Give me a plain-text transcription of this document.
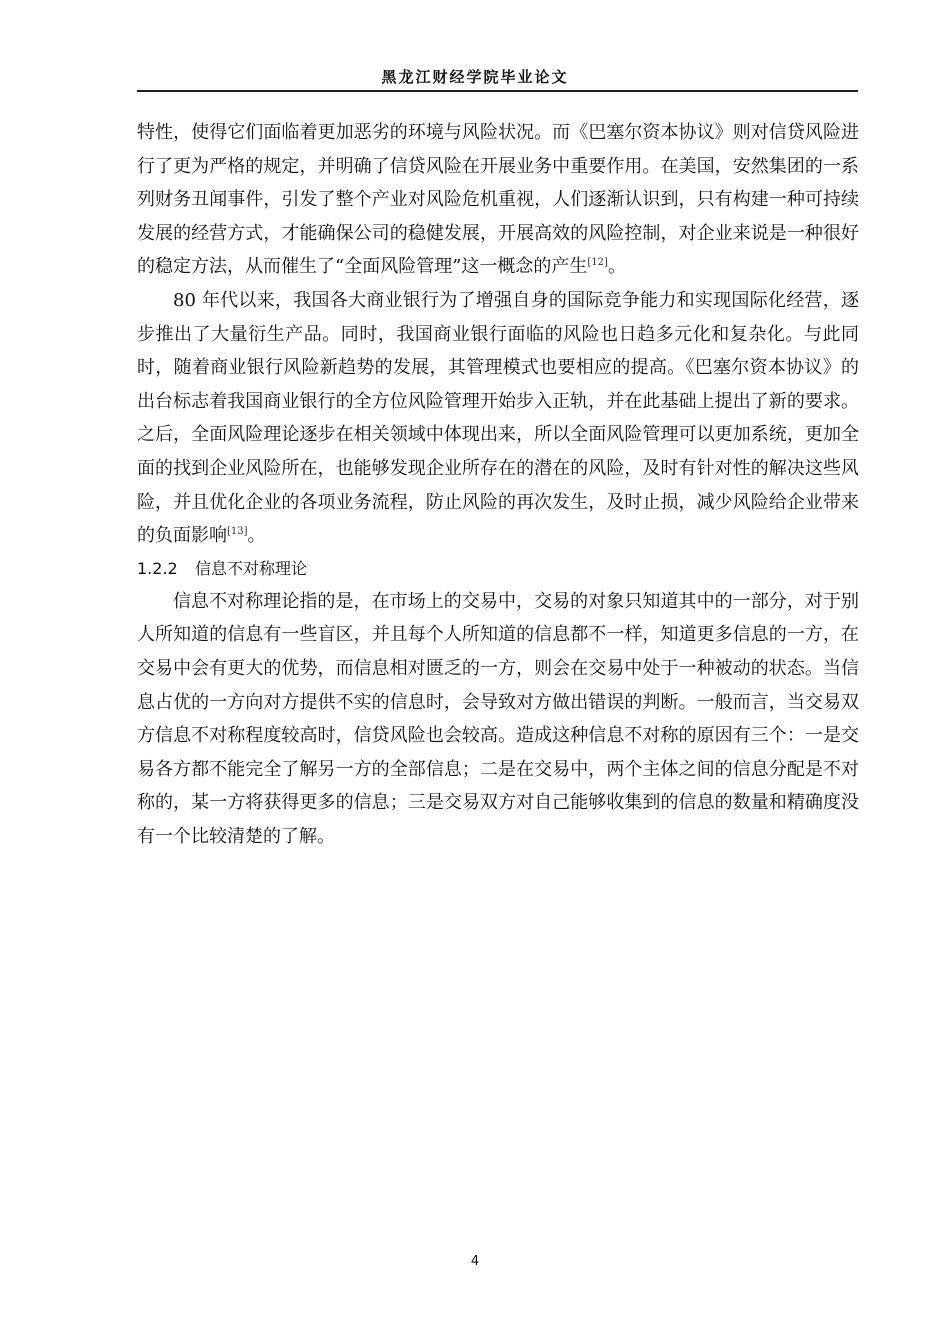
黑龙江财经学院毕业论文

特性，使得它们面临着更加恶劣的环境与风险状况。而《巴塞尔资本协议》则对信贷风险进行了更为严格的规定，并明确了信贷风险在开展业务中重要作用。在美国，安然集团的一系列财务丑闻事件，引发了整个产业对风险危机重视，人们逐渐认识到，只有构建一种可持续发展的经营方式，才能确保公司的稳健发展，开展高效的风险控制，对企业来说是一种很好的稳定方法，从而催生了“全面风险管理”这一概念的产生[12]。

80 年代以来，我国各大商业银行为了增强自身的国际竞争能力和实现国际化经营，逐步推出了大量衍生产品。同时，我国商业银行面临的风险也日趋多元化和复杂化。与此同时，随着商业银行风险新趋势的发展，其管理模式也要相应的提高。《巴塞尔资本协议》的出台标志着我国商业银行的全方位风险管理开始步入正轨，并在此基础上提出了新的要求。之后，全面风险理论逐步在相关领域中体现出来，所以全面风险管理可以更加系统，更加全面的找到企业风险所在，也能够发现企业所存在的潜在的风险，及时有针对性的解决这些风险，并且优化企业的各项业务流程，防止风险的再次发生，及时止损，减少风险给企业带来的负面影响[13]。

1.2.2 信息不对称理论

信息不对称理论指的是，在市场上的交易中，交易的对象只知道其中的一部分，对于别人所知道的信息有一些盲区，并且每个人所知道的信息都不一样，知道更多信息的一方，在交易中会有更大的优势，而信息相对匮乏的一方，则会在交易中处于一种被动的状态。当信息占优的一方向对方提供不实的信息时，会导致对方做出错误的判断。一般而言，当交易双方信息不对称程度较高时，信贷风险也会较高。造成这种信息不对称的原因有三个：一是交易各方都不能完全了解另一方的全部信息；二是在交易中，两个主体之间的信息分配是不对称的，某一方将获得更多的信息；三是交易双方对自己能够收集到的信息的数量和精确度没有一个比较清楚的了解。

4
